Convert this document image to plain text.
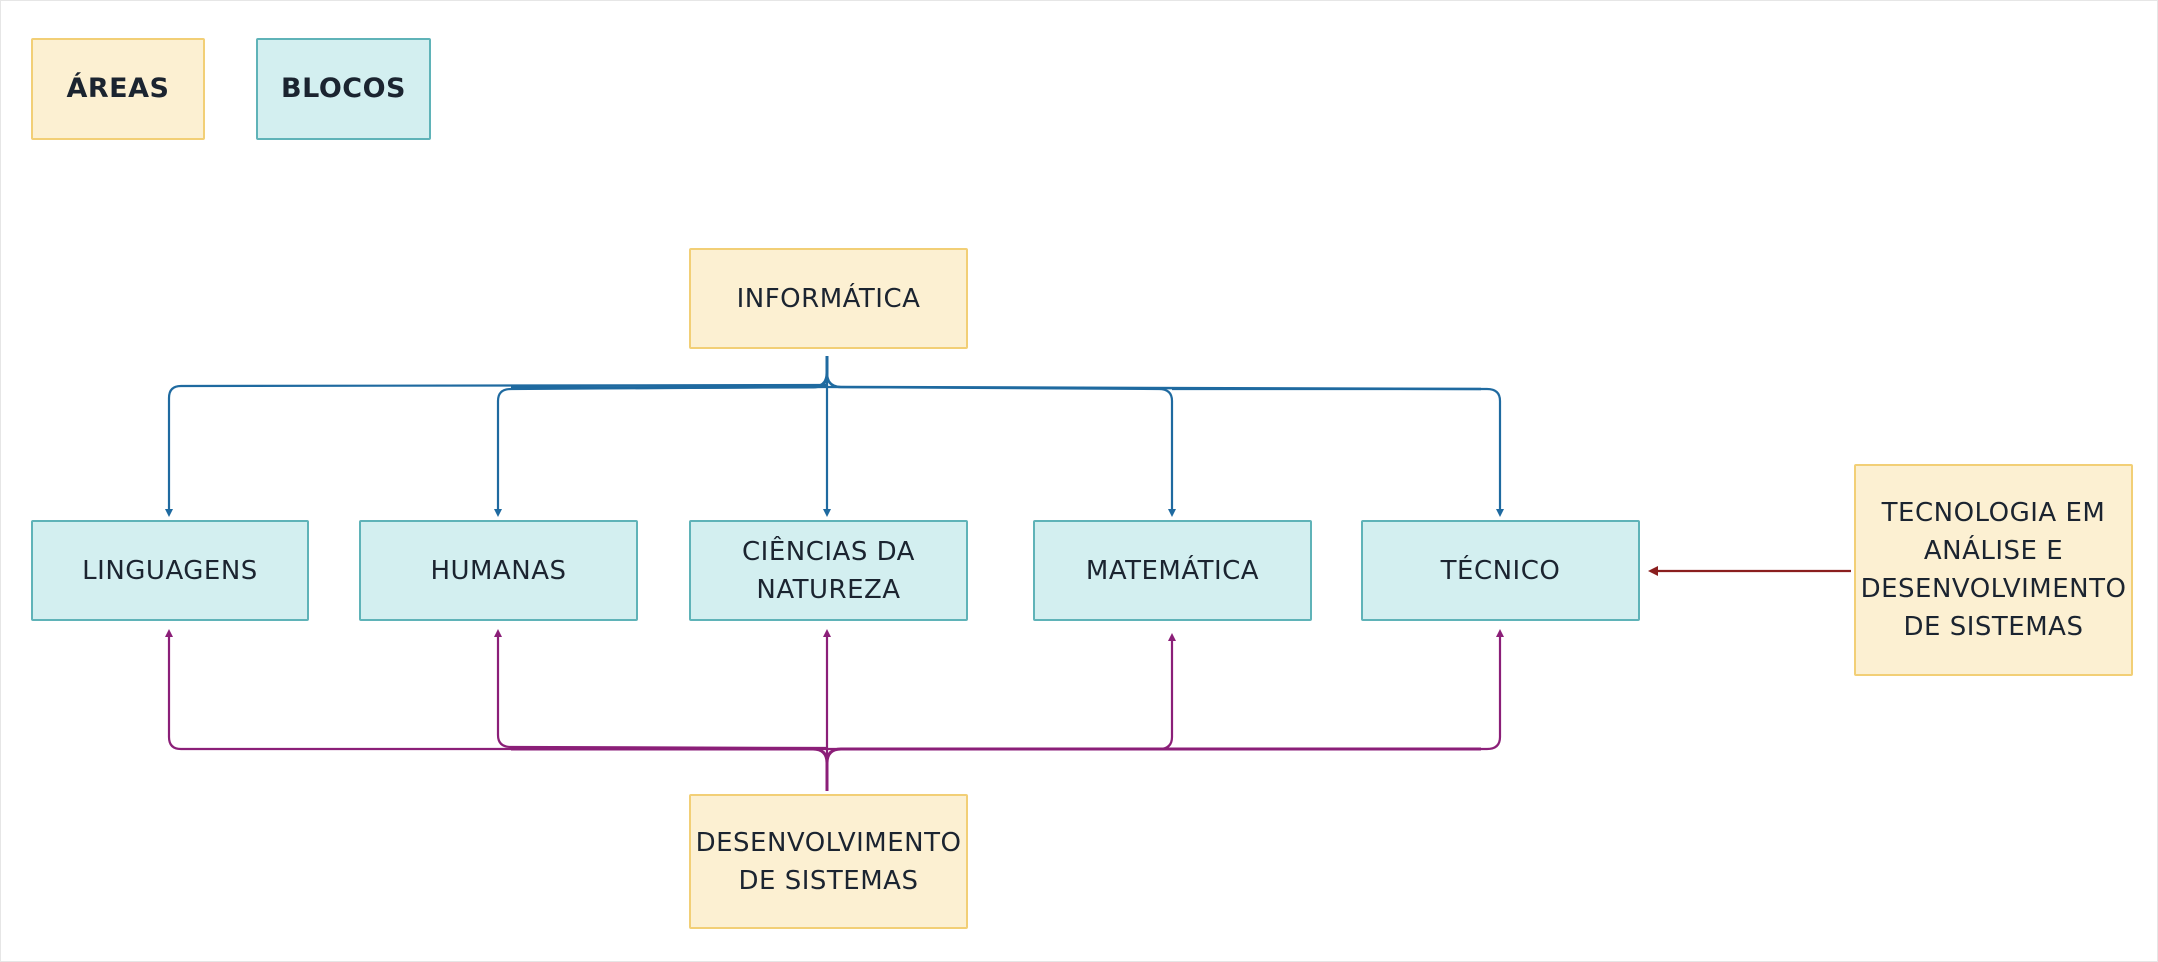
ÁREAS	BLOCOS
INFORMÁTICA
LINGUAGENS	HUMANAS
CIÊNCIAS DA
NATUREZA
MATEMÁTICA	TÉCNICO
TECNOLOGIA EM
ANÁLISE E
DESENVOLVIMENTO
DE SISTEMAS
DESENVOLVIMENTO
DE SISTEMAS
